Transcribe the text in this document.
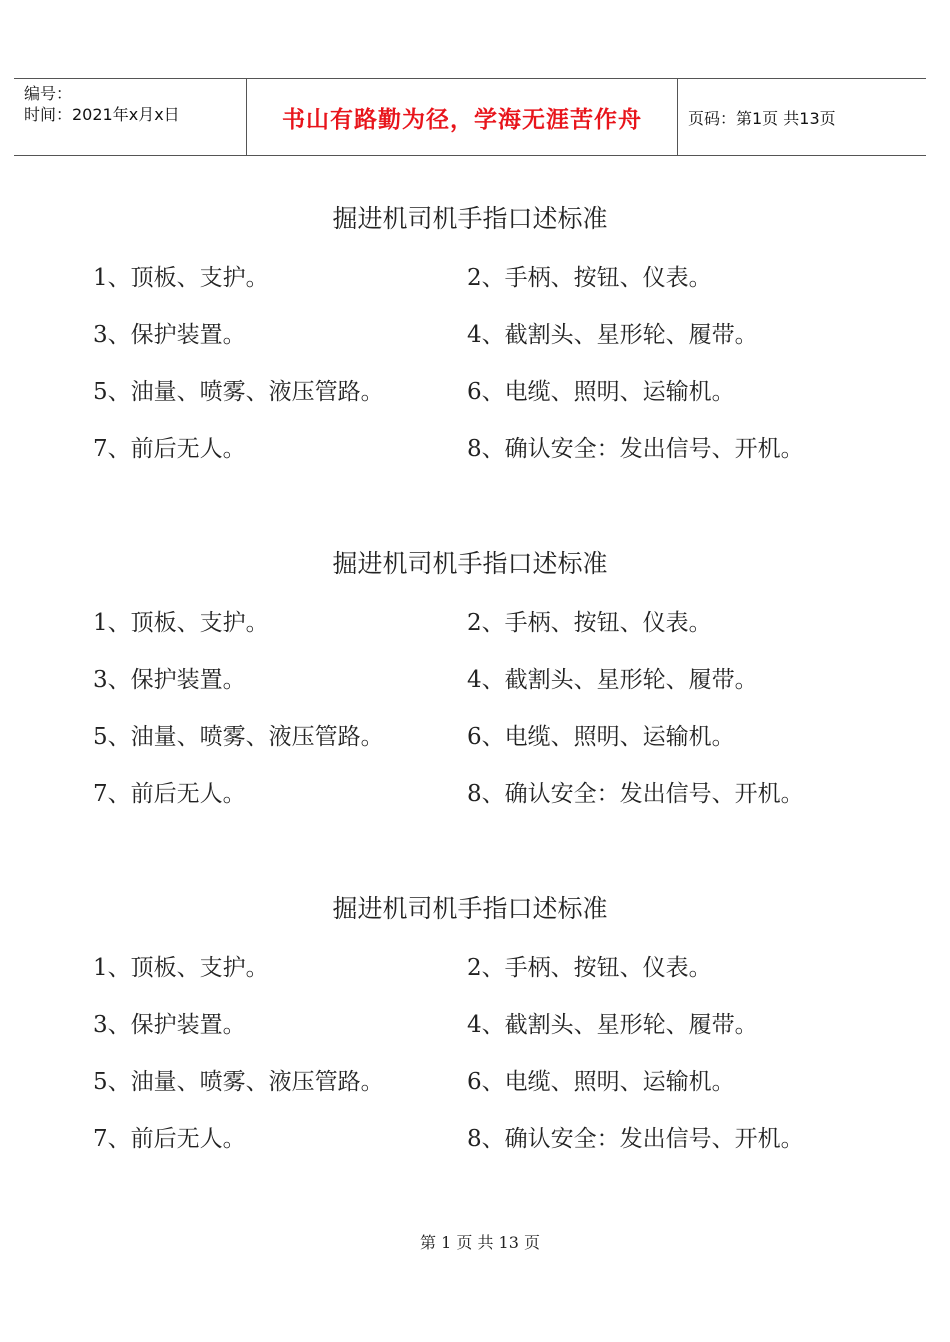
编号：
时间：2021年x月x日	书山有路勤为径，学海无涯苦作舟	页码：第1页 共13页
掘进机司机手指口述标准
1、顶板、支护。	2、手柄、按钮、仪表。
3、保护装置。	4、截割头、星形轮、履带。
5、油量、喷雾、液压管路。	6、电缆、照明、运输机。
7、前后无人。	8、确认安全：发出信号、开机。
掘进机司机手指口述标准
1、顶板、支护。	2、手柄、按钮、仪表。
3、保护装置。	4、截割头、星形轮、履带。
5、油量、喷雾、液压管路。	6、电缆、照明、运输机。
7、前后无人。	8、确认安全：发出信号、开机。
掘进机司机手指口述标准
1、顶板、支护。	2、手柄、按钮、仪表。
3、保护装置。	4、截割头、星形轮、履带。
5、油量、喷雾、液压管路。	6、电缆、照明、运输机。
7、前后无人。	8、确认安全：发出信号、开机。
第 1 页 共 13 页
